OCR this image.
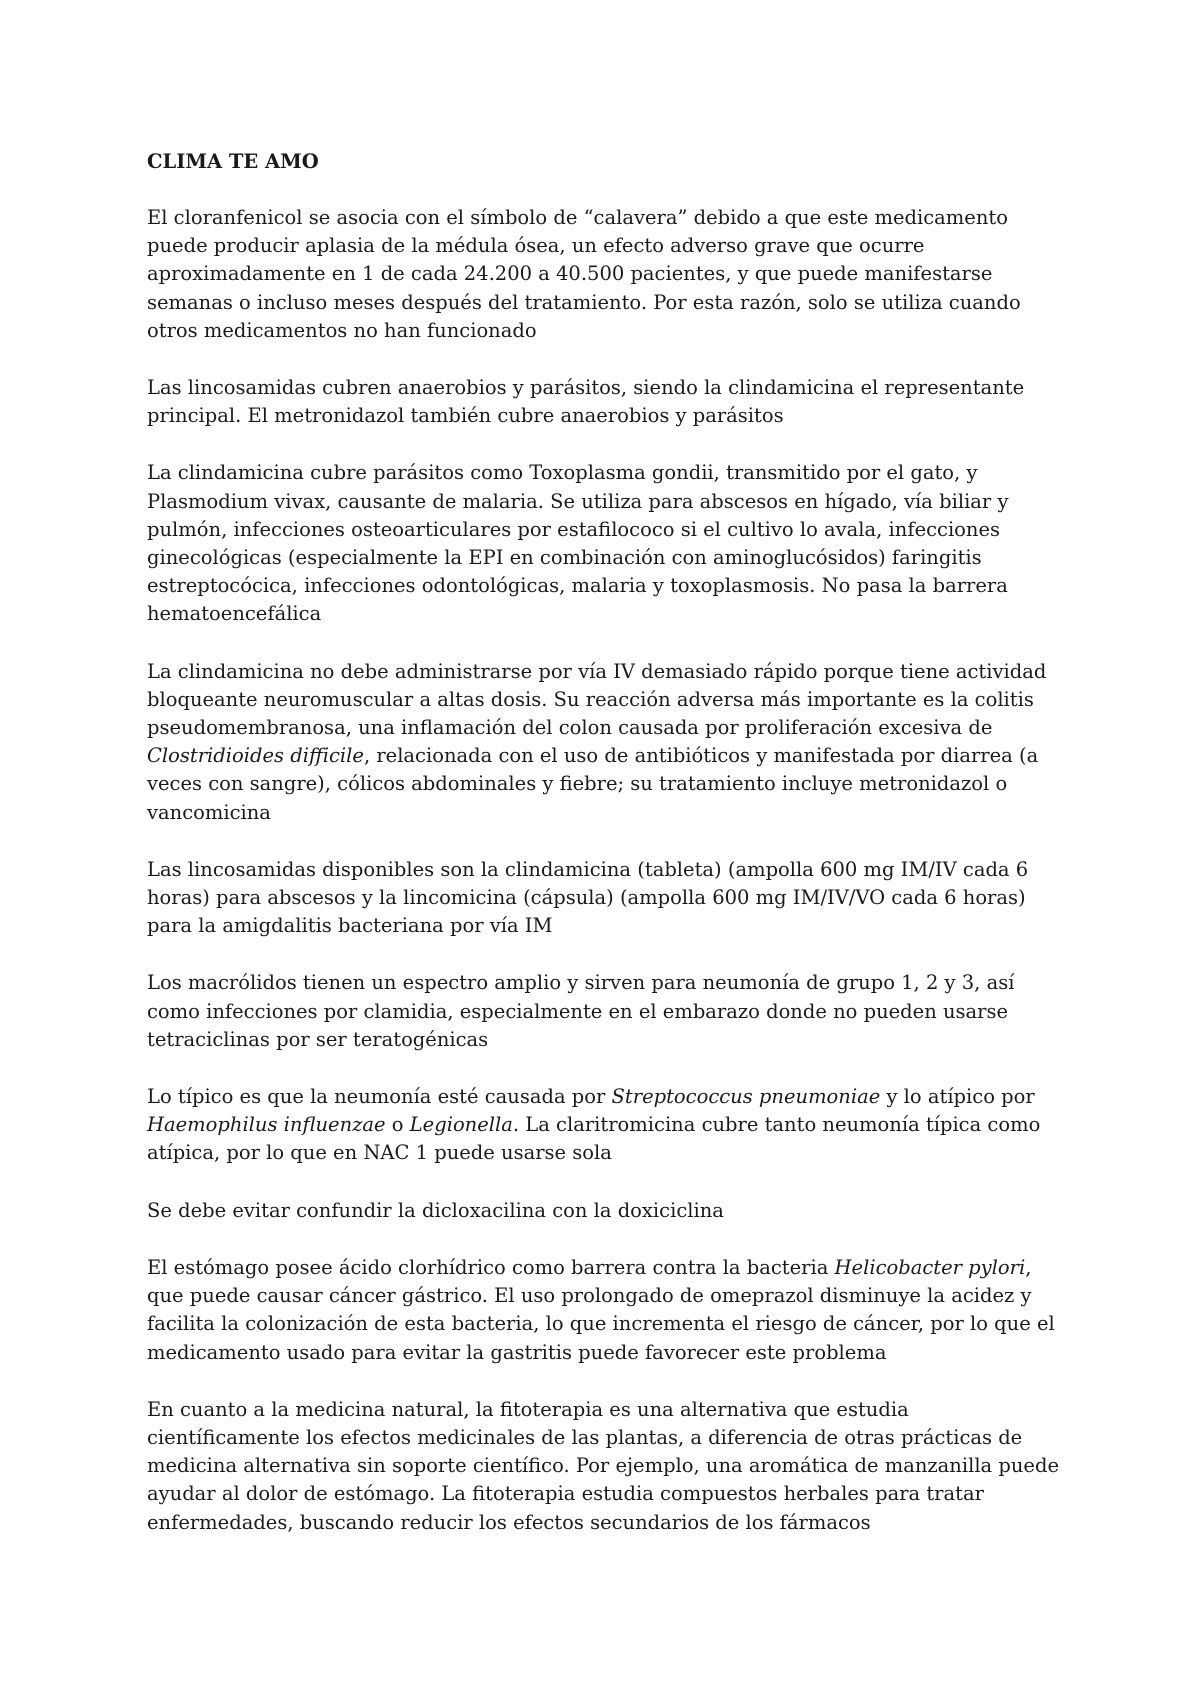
CLIMA TE AMO

El cloranfenicol se asocia con el símbolo de “calavera” debido a que este medicamento puede producir aplasia de la médula ósea, un efecto adverso grave que ocurre aproximadamente en 1 de cada 24.200 a 40.500 pacientes, y que puede manifestarse semanas o incluso meses después del tratamiento. Por esta razón, solo se utiliza cuando otros medicamentos no han funcionado

Las lincosamidas cubren anaerobios y parásitos, siendo la clindamicina el representante principal. El metronidazol también cubre anaerobios y parásitos

La clindamicina cubre parásitos como Toxoplasma gondii, transmitido por el gato, y Plasmodium vivax, causante de malaria. Se utiliza para abscesos en hígado, vía biliar y pulmón, infecciones osteoarticulares por estafilococo si el cultivo lo avala, infecciones ginecológicas (especialmente la EPI en combinación con aminoglucósidos) faringitis estreptocócica, infecciones odontológicas, malaria y toxoplasmosis. No pasa la barrera hematoencefálica

La clindamicina no debe administrarse por vía IV demasiado rápido porque tiene actividad bloqueante neuromuscular a altas dosis. Su reacción adversa más importante es la colitis pseudomembranosa, una inflamación del colon causada por proliferación excesiva de Clostridioides difficile, relacionada con el uso de antibióticos y manifestada por diarrea (a veces con sangre), cólicos abdominales y fiebre; su tratamiento incluye metronidazol o vancomicina

Las lincosamidas disponibles son la clindamicina (tableta) (ampolla 600 mg IM/IV cada 6 horas) para abscesos y la lincomicina (cápsula) (ampolla 600 mg IM/IV/VO cada 6 horas) para la amigdalitis bacteriana por vía IM

Los macrólidos tienen un espectro amplio y sirven para neumonía de grupo 1, 2 y 3, así como infecciones por clamidia, especialmente en el embarazo donde no pueden usarse tetraciclinas por ser teratogénicas

Lo típico es que la neumonía esté causada por Streptococcus pneumoniae y lo atípico por Haemophilus influenzae o Legionella. La claritromicina cubre tanto neumonía típica como atípica, por lo que en NAC 1 puede usarse sola

Se debe evitar confundir la dicloxacilina con la doxiciclina

El estómago posee ácido clorhídrico como barrera contra la bacteria Helicobacter pylori, que puede causar cáncer gástrico. El uso prolongado de omeprazol disminuye la acidez y facilita la colonización de esta bacteria, lo que incrementa el riesgo de cáncer, por lo que el medicamento usado para evitar la gastritis puede favorecer este problema

En cuanto a la medicina natural, la fitoterapia es una alternativa que estudia científicamente los efectos medicinales de las plantas, a diferencia de otras prácticas de medicina alternativa sin soporte científico. Por ejemplo, una aromática de manzanilla puede ayudar al dolor de estómago. La fitoterapia estudia compuestos herbales para tratar enfermedades, buscando reducir los efectos secundarios de los fármacos
